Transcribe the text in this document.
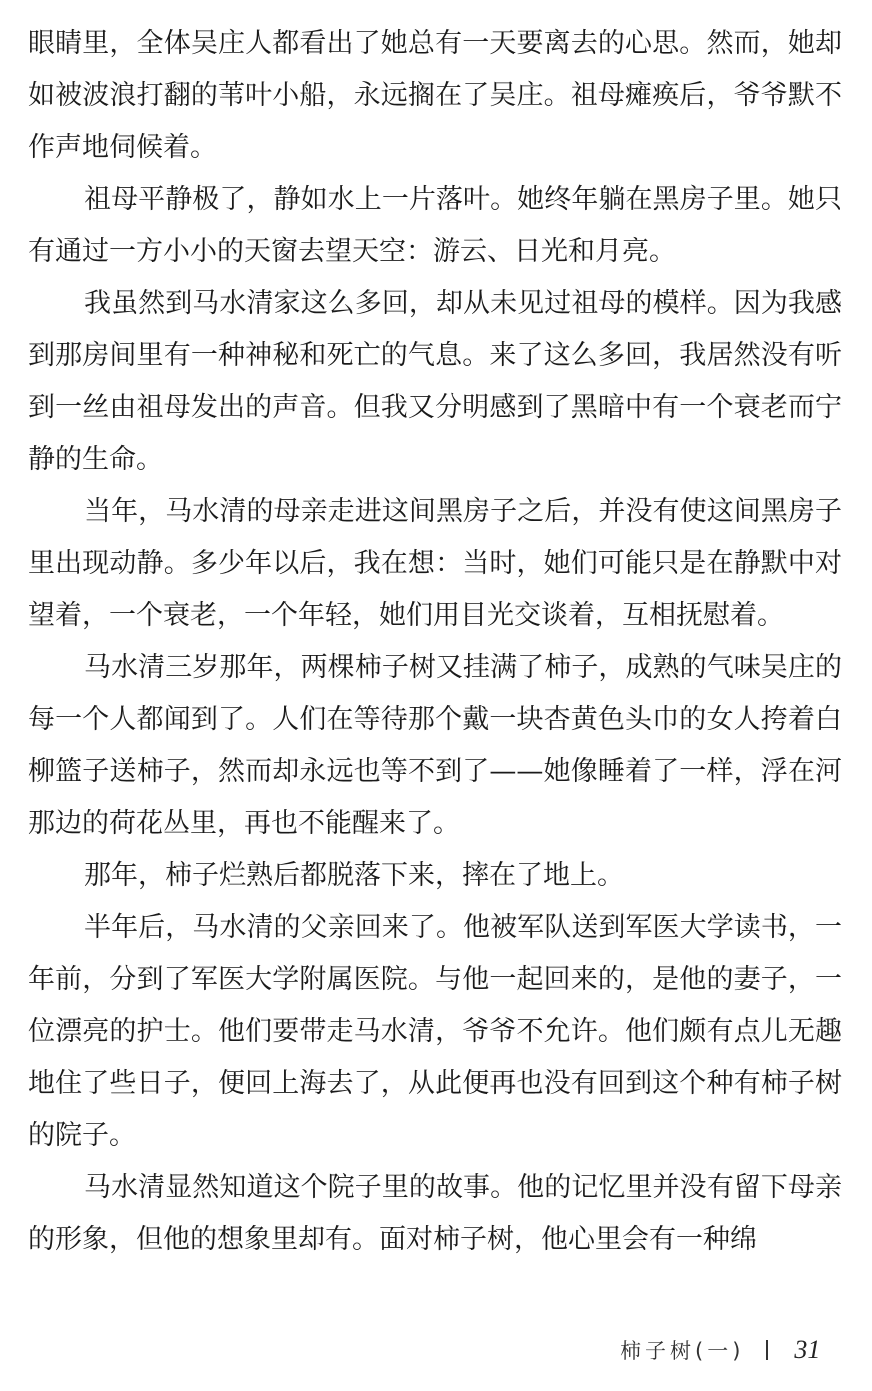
眼睛里，全体吴庄人都看出了她总有一天要离去的心思。然而，她却如被波浪打翻的苇叶小船，永远搁在了吴庄。祖母瘫痪后，爷爷默不作声地伺候着。

祖母平静极了，静如水上一片落叶。她终年躺在黑房子里。她只有通过一方小小的天窗去望天空：游云、日光和月亮。

我虽然到马水清家这么多回，却从未见过祖母的模样。因为我感到那房间里有一种神秘和死亡的气息。来了这么多回，我居然没有听到一丝由祖母发出的声音。但我又分明感到了黑暗中有一个衰老而宁静的生命。

当年，马水清的母亲走进这间黑房子之后，并没有使这间黑房子里出现动静。多少年以后，我在想：当时，她们可能只是在静默中对望着，一个衰老，一个年轻，她们用目光交谈着，互相抚慰着。

马水清三岁那年，两棵柿子树又挂满了柿子，成熟的气味吴庄的每一个人都闻到了。人们在等待那个戴一块杏黄色头巾的女人挎着白柳篮子送柿子，然而却永远也等不到了——她像睡着了一样，浮在河那边的荷花丛里，再也不能醒来了。

那年，柿子烂熟后都脱落下来，摔在了地上。

半年后，马水清的父亲回来了。他被军队送到军医大学读书，一年前，分到了军医大学附属医院。与他一起回来的，是他的妻子，一位漂亮的护士。他们要带走马水清，爷爷不允许。他们颇有点儿无趣地住了些日子，便回上海去了，从此便再也没有回到这个种有柿子树的院子。

马水清显然知道这个院子里的故事。他的记忆里并没有留下母亲的形象，但他的想象里却有。面对柿子树，他心里会有一种绵

柿子树(一) 31
